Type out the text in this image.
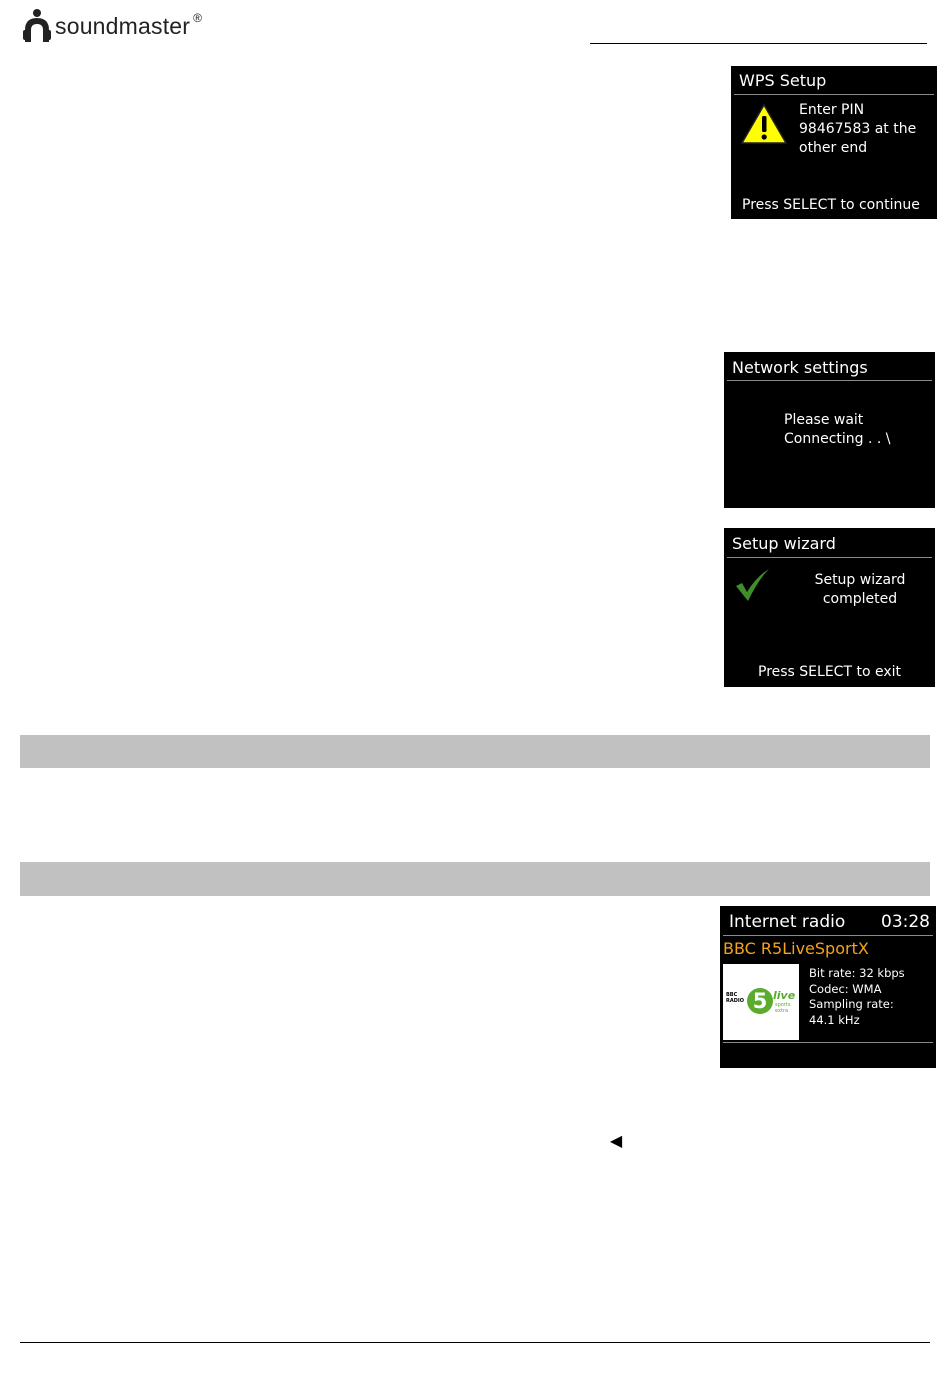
soundmaster ®
WPS Setup
Enter PIN
98467583 at the
other end
Press SELECT to continue
Network settings
Please wait
Connecting . . \
Setup wizard
Setup wizard
completed
Press SELECT to exit
Internet radio	03:28
BBC R5LiveSportX
BBC
RADIO 5 live
sports
extra
Bit rate: 32 kbps
Codec: WMA
Sampling rate:
44.1 kHz
◀
